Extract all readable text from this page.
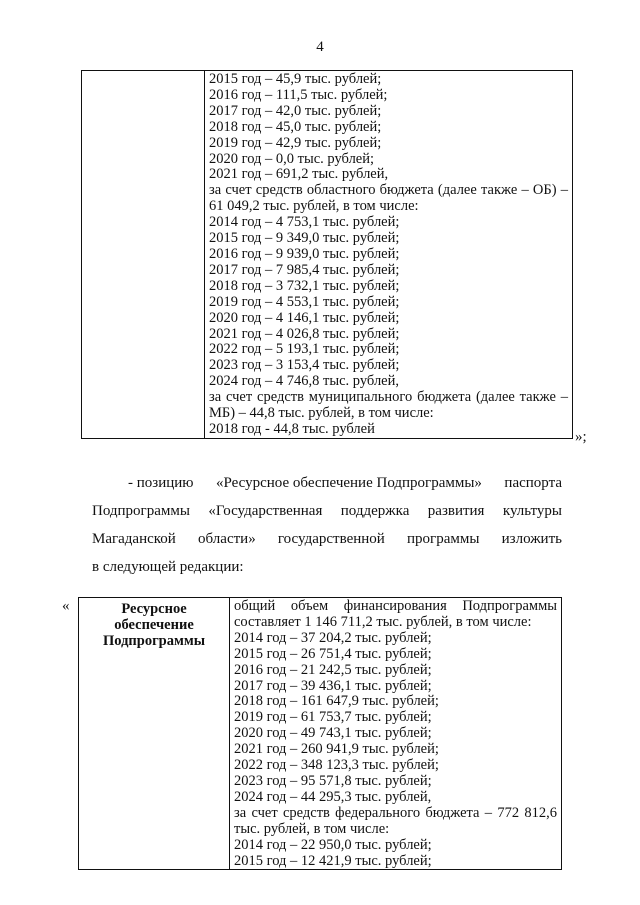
4

2015 год – 45,9 тыс. рублей;
2016 год – 111,5 тыс. рублей;
2017 год – 42,0 тыс. рублей;
2018 год – 45,0 тыс. рублей;
2019 год – 42,9 тыс. рублей;
2020 год – 0,0 тыс. рублей;
2021 год – 691,2 тыс. рублей,
за счет средств областного бюджета (далее также – ОБ) – 61 049,2 тыс. рублей, в том числе:
2014 год – 4 753,1 тыс. рублей;
2015 год – 9 349,0 тыс. рублей;
2016 год – 9 939,0 тыс. рублей;
2017 год – 7 985,4 тыс. рублей;
2018 год – 3 732,1 тыс. рублей;
2019 год – 4 553,1 тыс. рублей;
2020 год – 4 146,1 тыс. рублей;
2021 год – 4 026,8 тыс. рублей;
2022 год – 5 193,1 тыс. рублей;
2023 год – 3 153,4 тыс. рублей;
2024 год – 4 746,8 тыс. рублей,
за счет средств муниципального бюджета (далее также – МБ) – 44,8 тыс. рублей, в том числе:
2018 год - 44,8 тыс. рублей
»;
- позицию «Ресурсное обеспечение Подпрограммы» паспорта
Подпрограммы «Государственная поддержка развития культуры
Магаданской области» государственной программы изложить
в следующей редакции:
«	Ресурсное обеспечение Подпрограммы	
общий объем финансирования Подпрограммы составляет 1 146 711,2 тыс. рублей, в том числе:
2014 год – 37 204,2 тыс. рублей;
2015 год – 26 751,4 тыс. рублей;
2016 год – 21 242,5 тыс. рублей;
2017 год – 39 436,1 тыс. рублей;
2018 год – 161 647,9 тыс. рублей;
2019 год – 61 753,7 тыс. рублей;
2020 год – 49 743,1 тыс. рублей;
2021 год – 260 941,9 тыс. рублей;
2022 год – 348 123,3 тыс. рублей;
2023 год – 95 571,8 тыс. рублей;
2024 год – 44 295,3 тыс. рублей,
за счет средств федерального бюджета – 772 812,6 тыс. рублей, в том числе:
2014 год – 22 950,0 тыс. рублей;
2015 год – 12 421,9 тыс. рублей;
